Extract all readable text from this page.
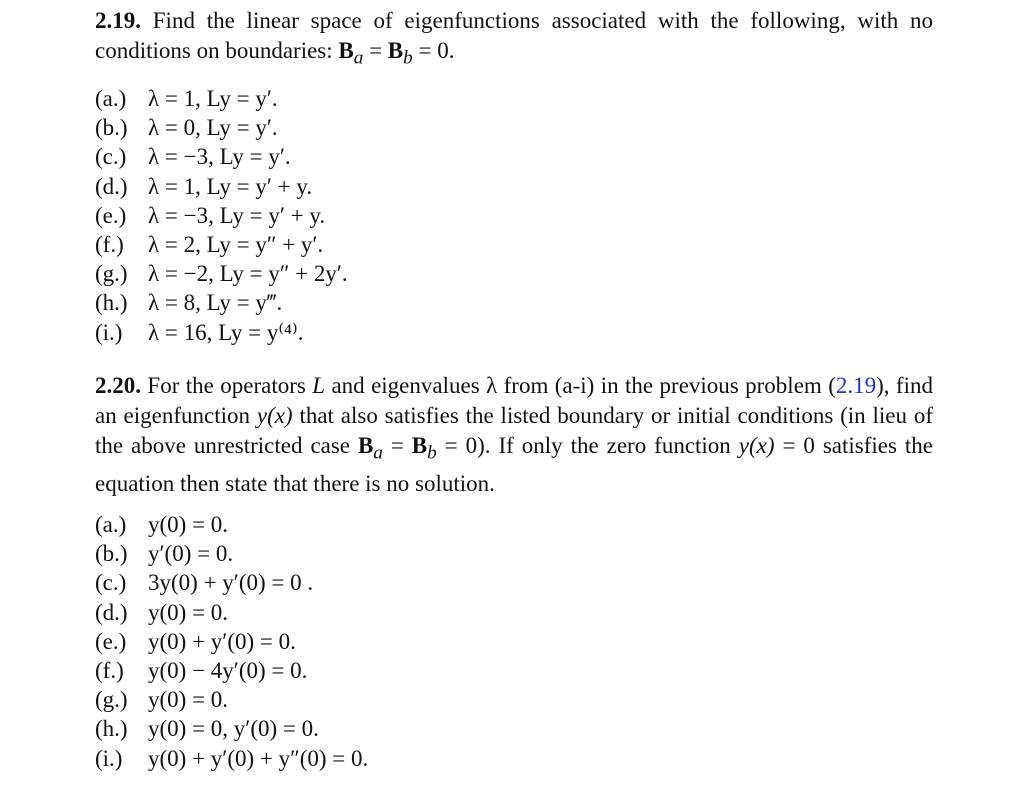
2.19. Find the linear space of eigenfunctions associated with the following, with no conditions on boundaries: $B_a = B_b = 0$.

(a.) λ = 1, Ly = y′.
(b.) λ = 0, Ly = y′.
(c.) λ = −3, Ly = y′.
(d.) λ = 1, Ly = y′ + y.
(e.) λ = −3, Ly = y′ + y.
(f.) λ = 2, Ly = y″ + y′.
(g.) λ = −2, Ly = y″ + 2y′.
(h.) λ = 8, Ly = y‴.
(i.) λ = 16, Ly = y⁽⁴⁾.

2.20. For the operators L and eigenvalues λ from (a-i) in the previous problem (2.19), find an eigenfunction y(x) that also satisfies the listed boundary or initial conditions (in lieu of the above unrestricted case $B_a = B_b = 0$). If only the zero function y(x) = 0 satisfies the equation then state that there is no solution.

(a.) y(0) = 0.
(b.) y′(0) = 0.
(c.) 3y(0) + y′(0) = 0 .
(d.) y(0) = 0.
(e.) y(0) + y′(0) = 0.
(f.) y(0) − 4y′(0) = 0.
(g.) y(0) = 0.
(h.) y(0) = 0, y′(0) = 0.
(i.) y(0) + y′(0) + y″(0) = 0.
